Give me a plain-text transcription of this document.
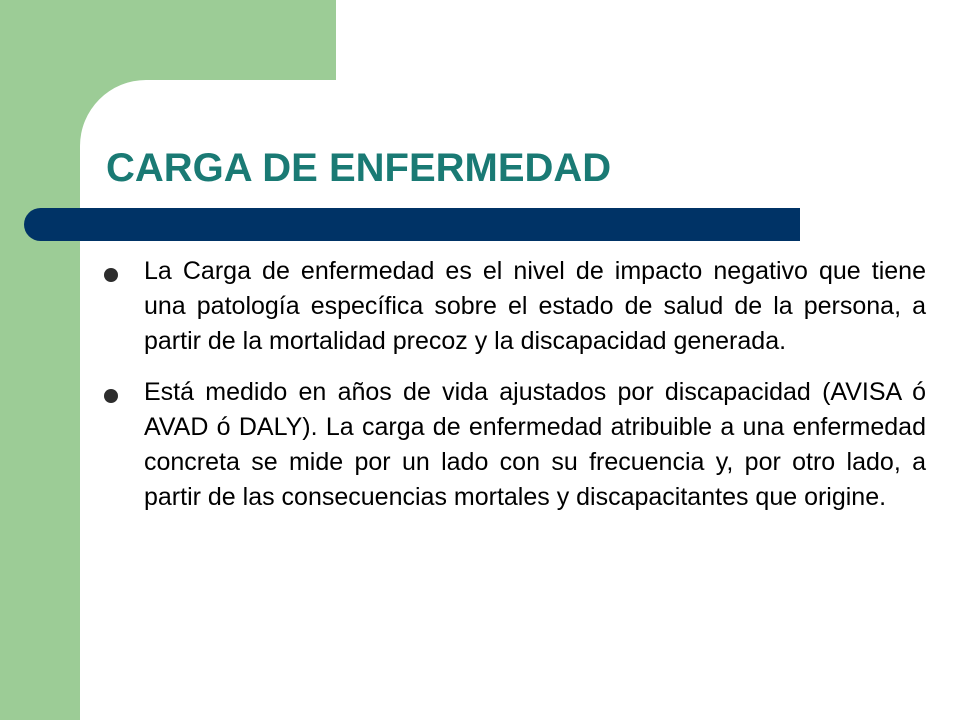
CARGA DE ENFERMEDAD
La Carga de enfermedad es el nivel de impacto negativo que tiene una patología específica sobre el estado de salud de la persona, a partir de la mortalidad precoz y la discapacidad generada.
Está medido en años de vida ajustados por discapacidad (AVISA ó AVAD ó DALY). La carga de enfermedad atribuible a una enfermedad concreta se mide por un lado con su frecuencia y, por otro lado, a partir de las consecuencias mortales y discapacitantes que origine.
